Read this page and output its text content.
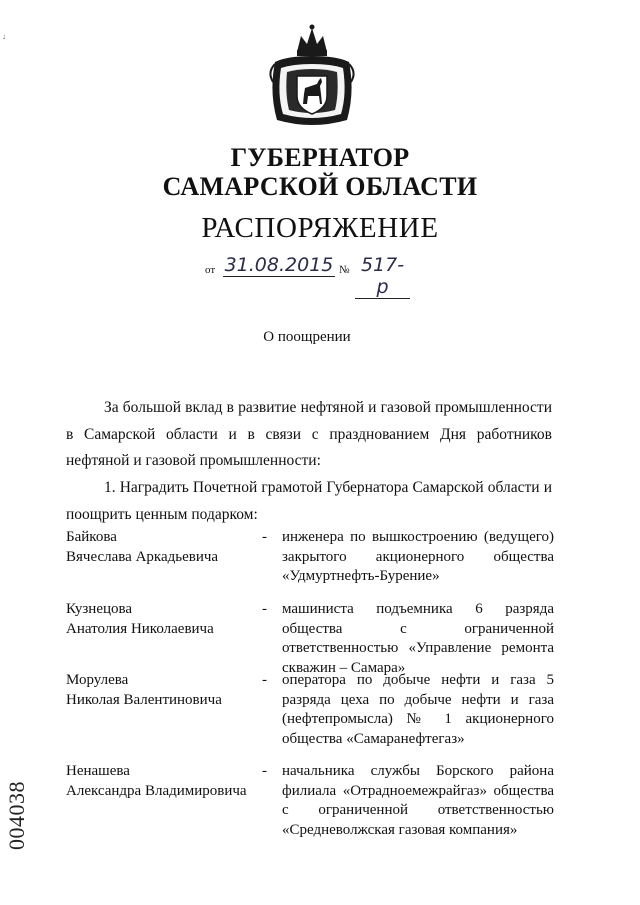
↓
ГУБЕРНАТОР
САМАРСКОЙ ОБЛАСТИ
РАСПОРЯЖЕНИЕ
от 31.08.2015 № 517-р
О поощрении

За большой вклад в развитие нефтяной и газовой промышленности в Самарской области и в связи с празднованием Дня работников нефтяной и газовой промышленности:

1. Наградить Почетной грамотой Губернатора Самарской области и поощрить ценным подарком:

Байкова
Вячеслава Аркадьевича
- инженера по вышкостроению (ведущего) закрытого акционерного общества «Удмуртнефть-Бурение»
Кузнецова
Анатолия Николаевича
- машиниста подъемника 6 разряда общества с ограниченной ответственностью «Управление ремонта скважин – Самара»
Морулева
Николая Валентиновича
- оператора по добыче нефти и газа 5 разряда цеха по добыче нефти и газа (нефтепромысла) № 1 акционерного общества «Самаранефтегаз»
Ненашева
Александра Владимировича
- начальника службы Борского района филиала «Отрадноемежрайгаз» общества с ограниченной ответственностью «Средневолжская газовая компания»
004038
